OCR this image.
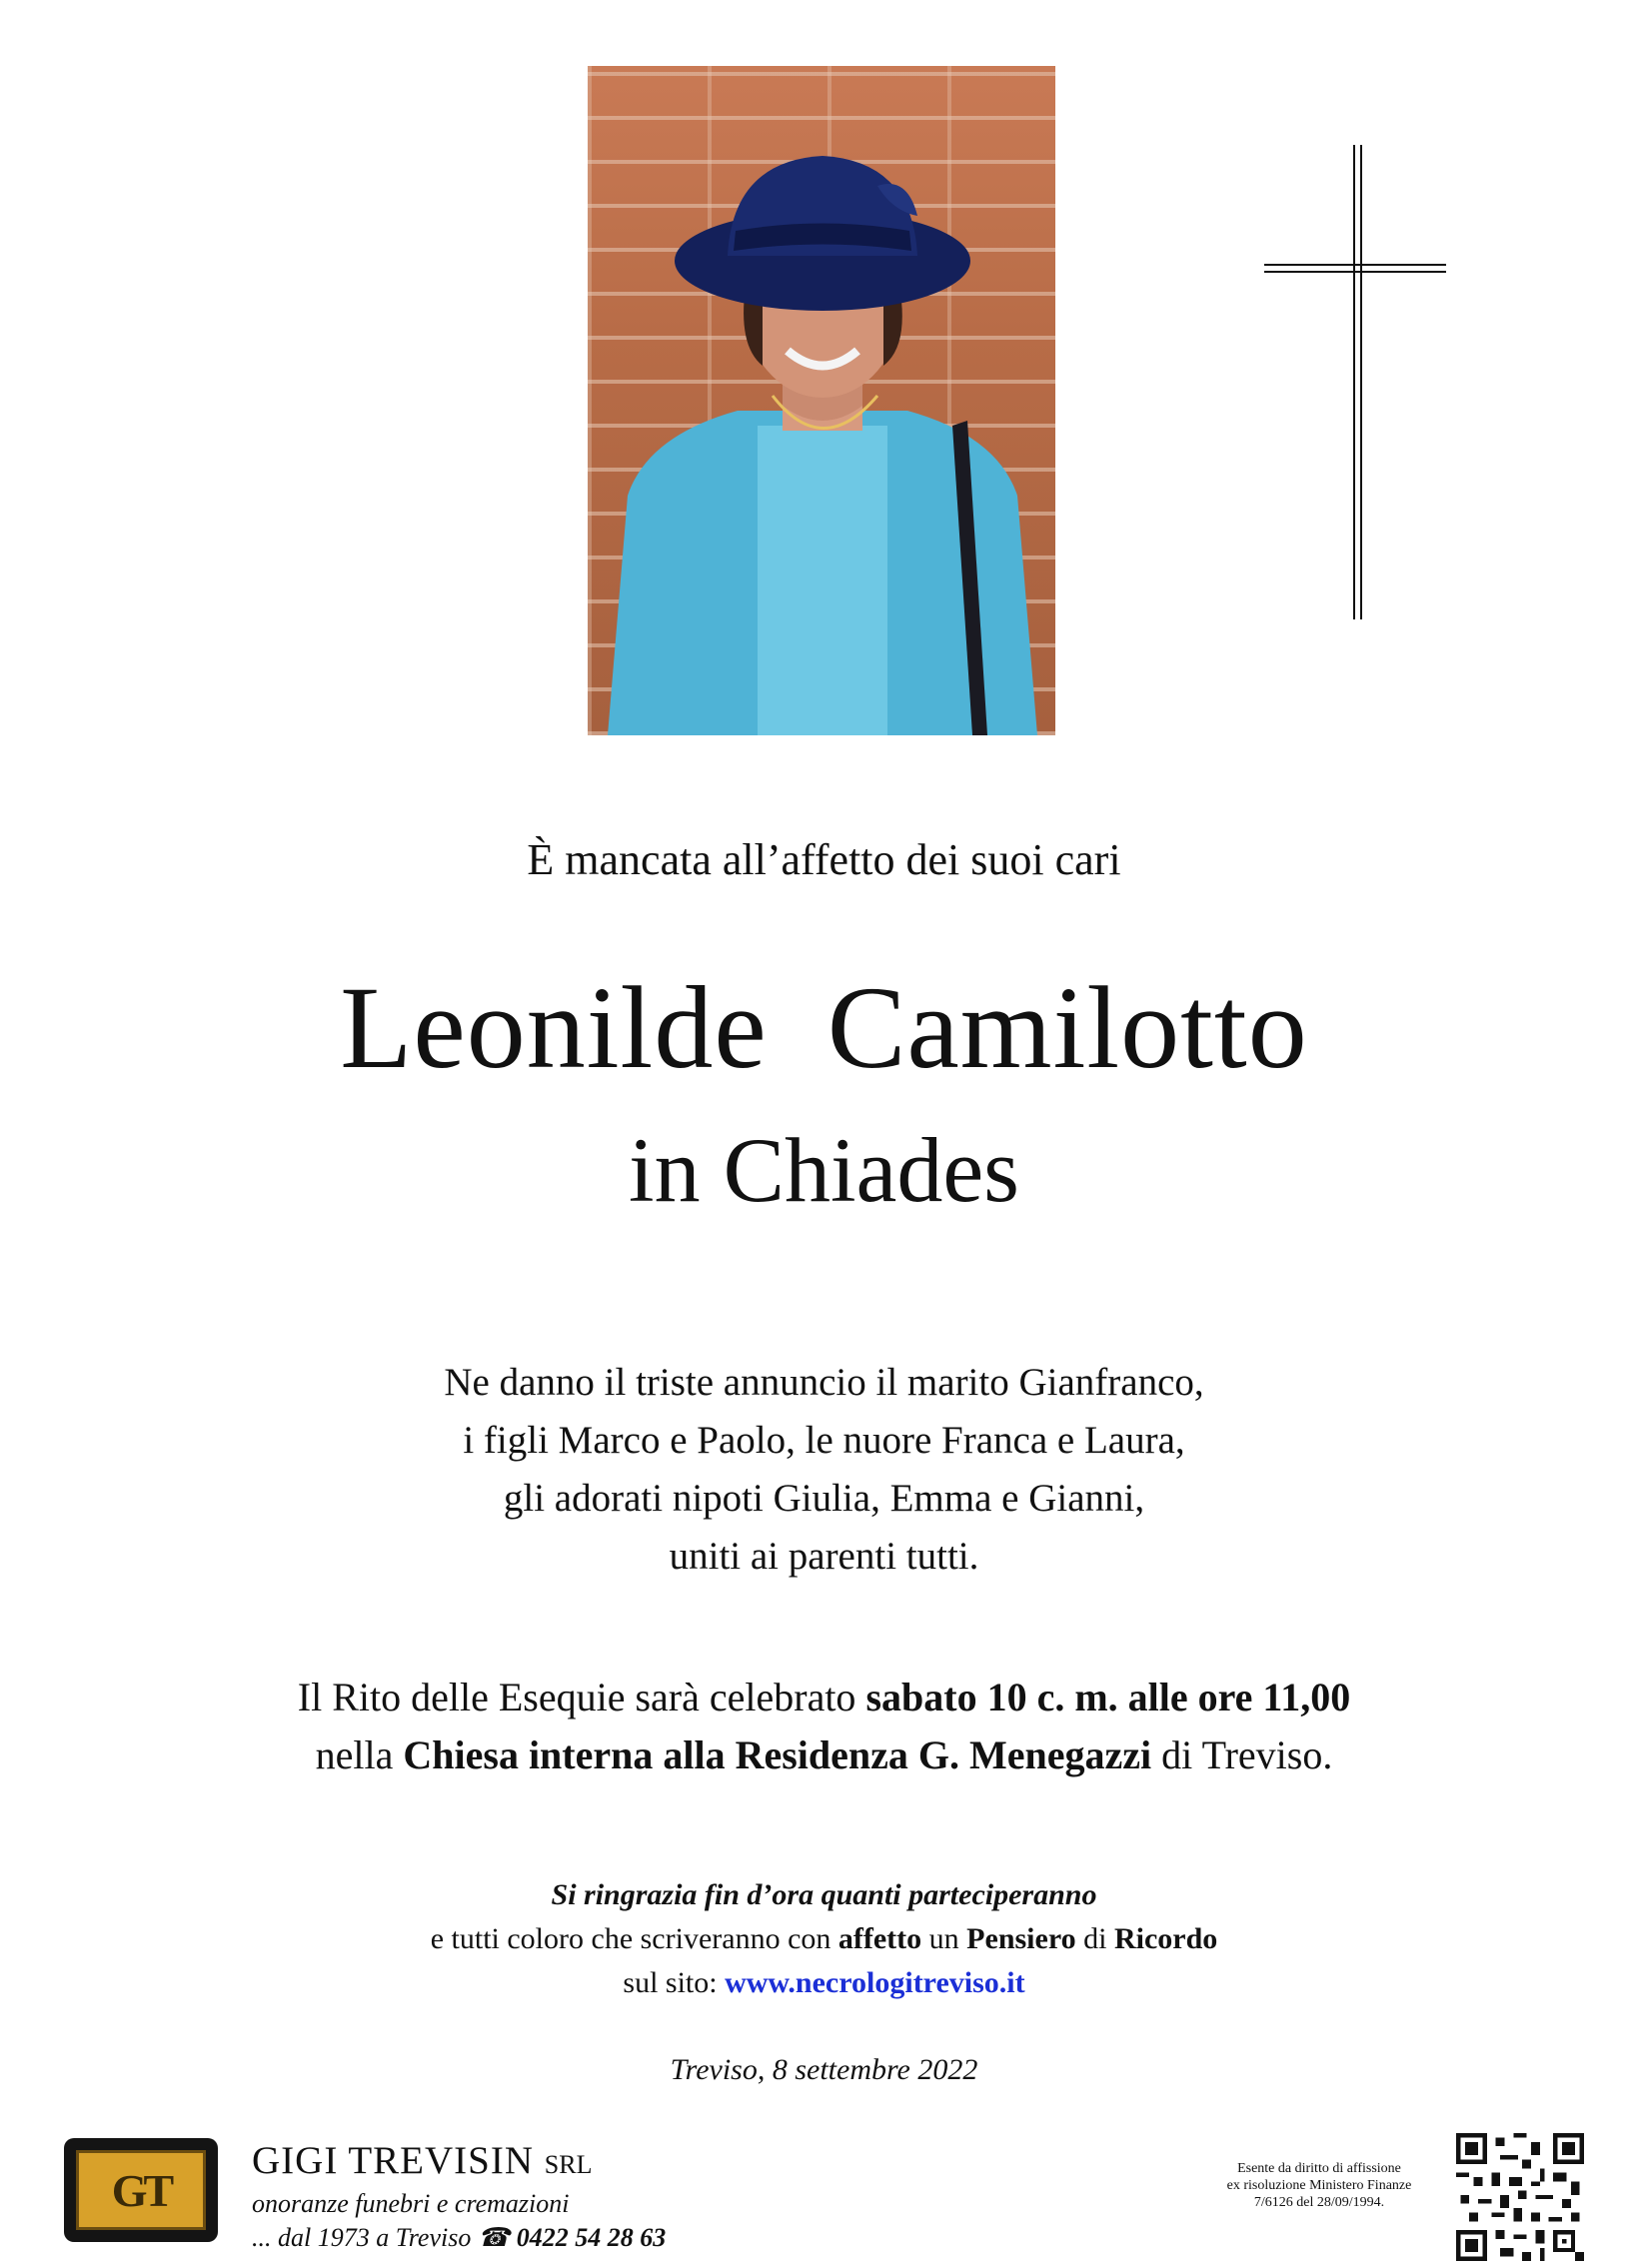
È mancata all’affetto dei suoi cari
Leonilde Camilotto
in Chiades
Ne danno il triste annuncio il marito Gianfranco,
i figli Marco e Paolo, le nuore Franca e Laura,
gli adorati nipoti Giulia, Emma e Gianni,
uniti ai parenti tutti.
Il Rito delle Esequie sarà celebrato sabato 10 c. m. alle ore 11,00
nella Chiesa interna alla Residenza G. Menegazzi di Treviso.
Si ringrazia fin d’ora quanti parteciperanno
e tutti coloro che scriveranno con affetto un Pensiero di Ricordo
sul sito: www.necrologitreviso.it
Treviso, 8 settembre 2022
GT
GIGI TREVISIN SRL
onoranze funebri e cremazioni
... dal 1973 a Treviso ☎ 0422 54 28 63
Esente da diritto di affissione
ex risoluzione Ministero Finanze
7/6126 del 28/09/1994.
